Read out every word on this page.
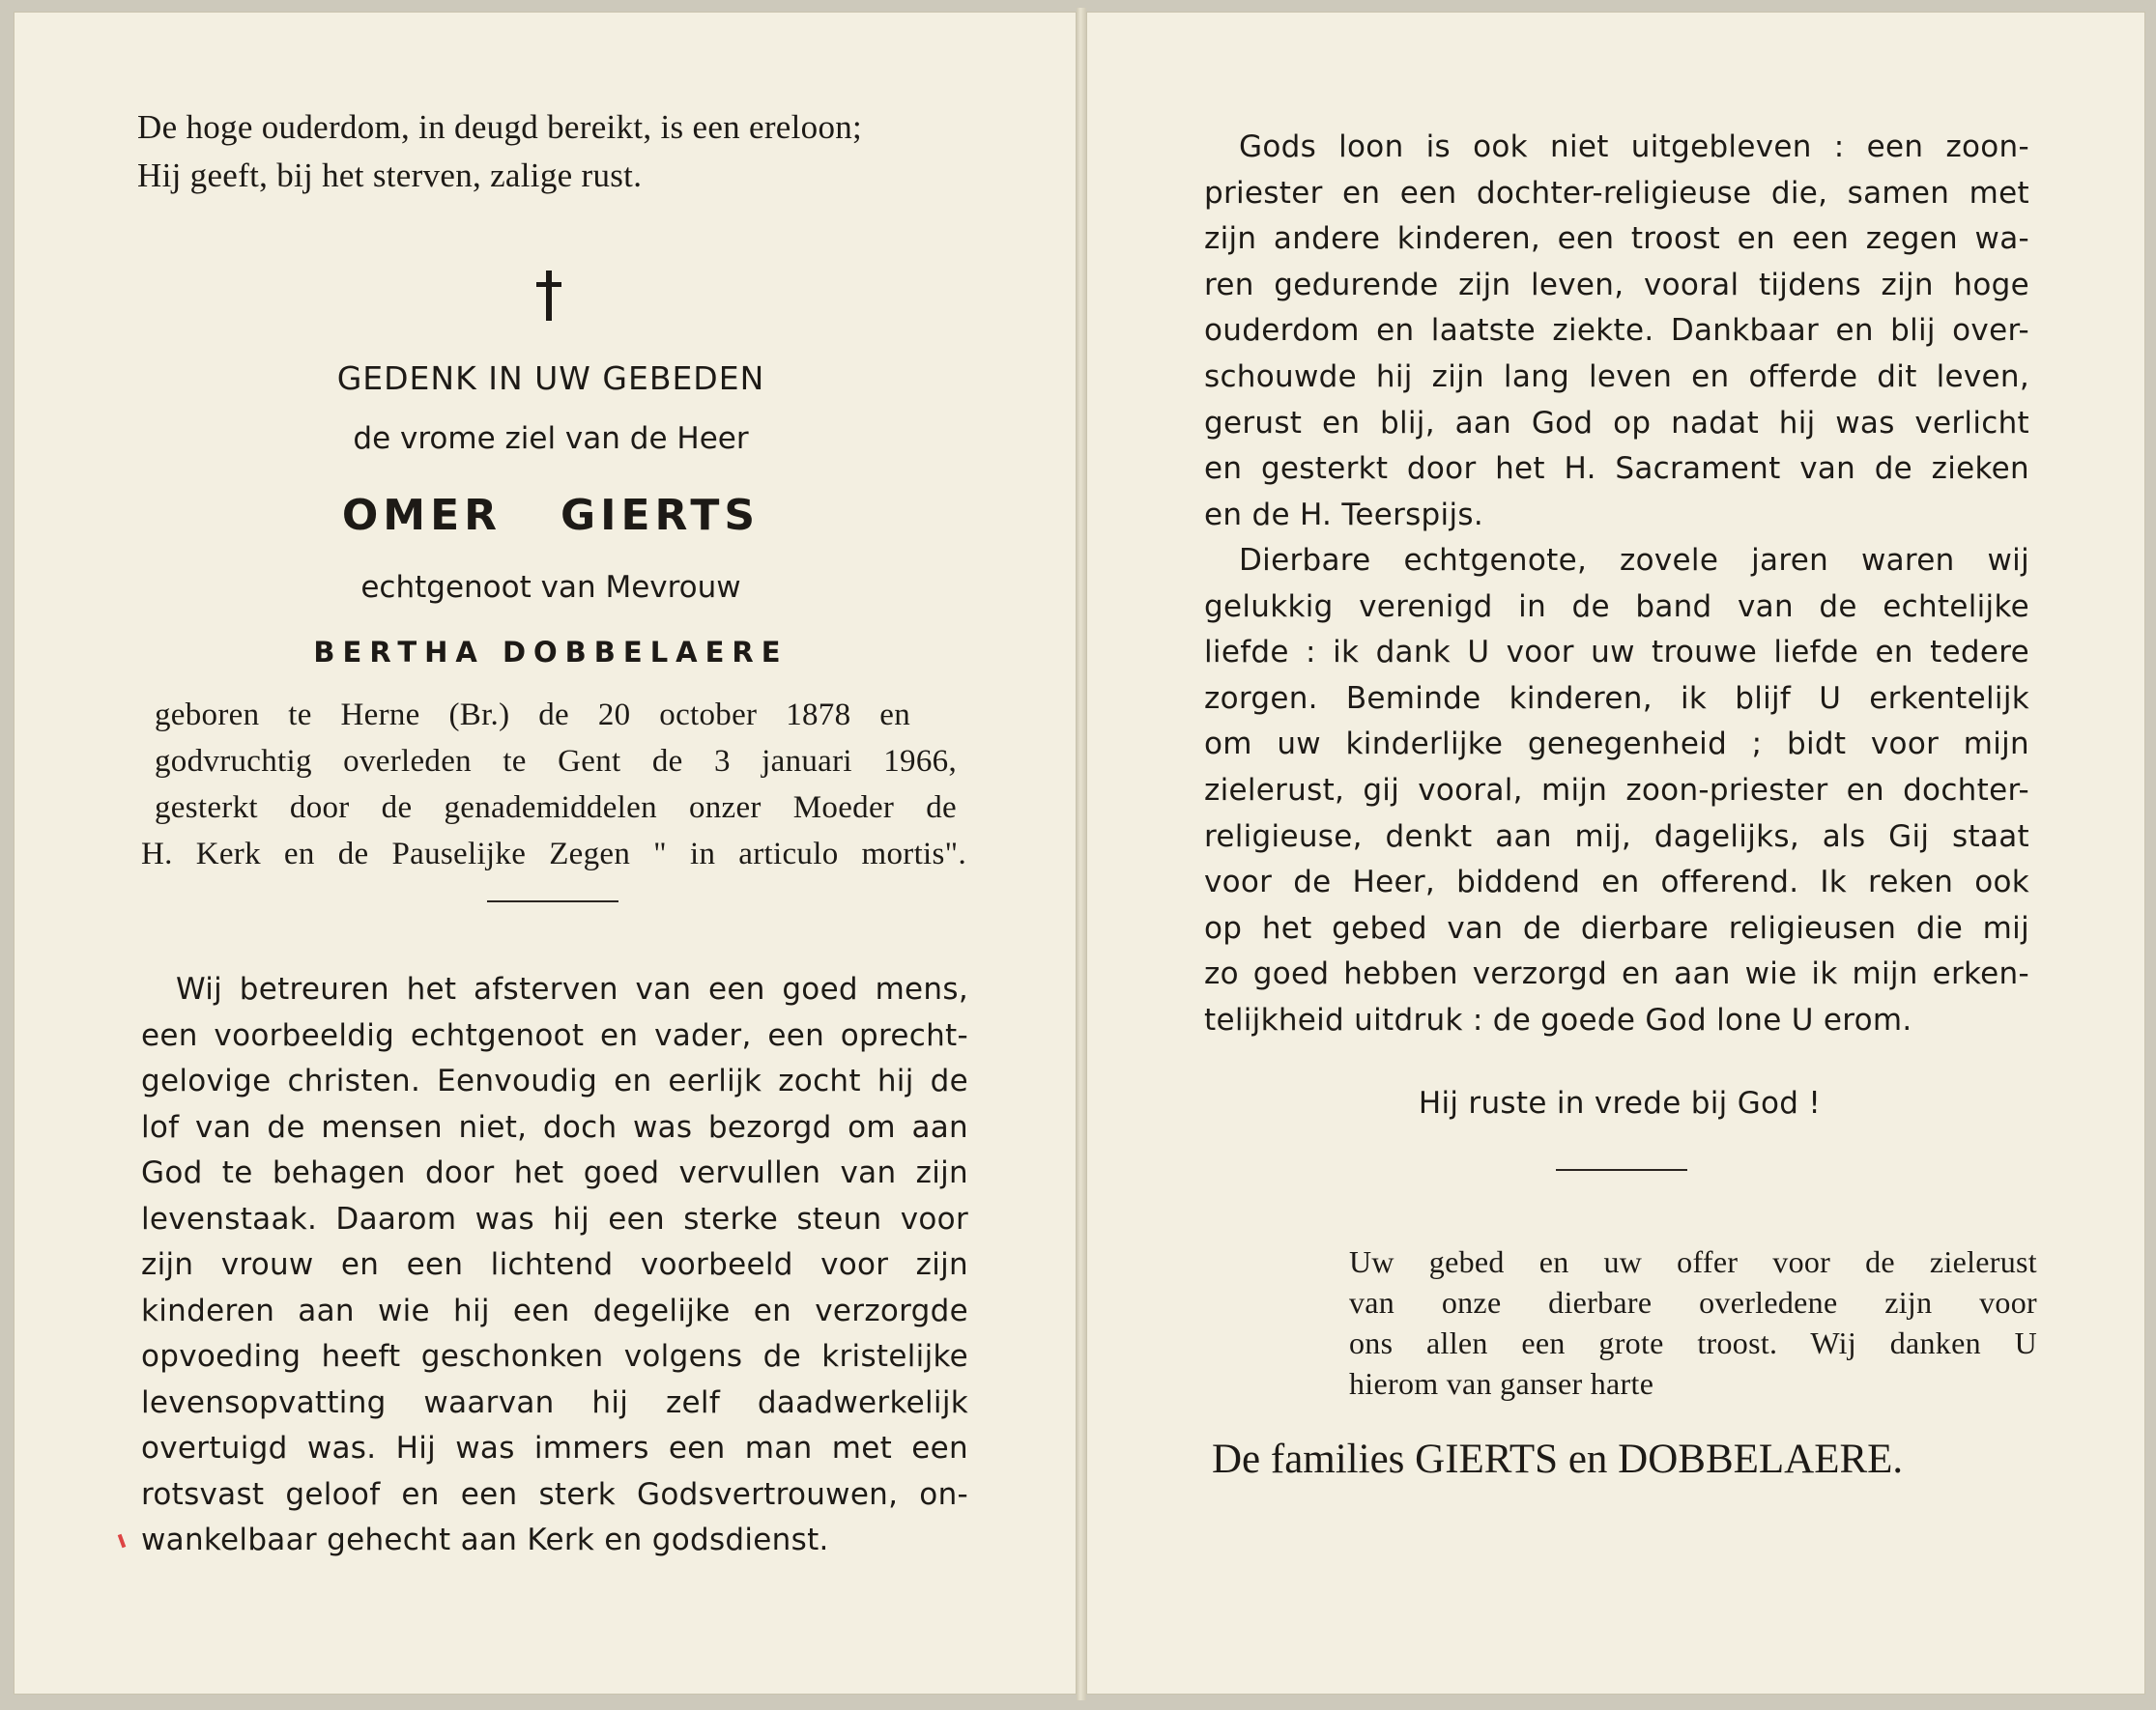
De hoge ouderdom, in deugd bereikt, is een ereloon;
Hij geeft, bij het sterven, zalige rust.
GEDENK IN UW GEBEDEN
de vrome ziel van de Heer
OMER   GIERTS
echtgenoot van Mevrouw
BERTHA DOBBELAERE
geboren te Herne (Br.) de 20 october 1878 en
godvruchtig overleden te Gent de 3 januari 1966,
gesterkt door de genademiddelen onzer Moeder de
H. Kerk en de Pauselijke Zegen " in articulo mortis".
Wij betreuren het afsterven van een goed mens,
een voorbeeldig echtgenoot en vader, een oprecht-
gelovige christen. Eenvoudig en eerlijk zocht hij de
lof van de mensen niet, doch was bezorgd om aan
God te behagen door het goed vervullen van zijn
levenstaak. Daarom was hij een sterke steun voor
zijn vrouw en een lichtend voorbeeld voor zijn
kinderen aan wie hij een degelijke en verzorgde
opvoeding heeft geschonken volgens de kristelijke
levensopvatting waarvan hij zelf daadwerkelijk
overtuigd was. Hij was immers een man met een
rotsvast geloof en een sterk Godsvertrouwen, on-
wankelbaar gehecht aan Kerk en godsdienst.
Gods loon is ook niet uitgebleven : een zoon-
priester en een dochter-religieuse die, samen met
zijn andere kinderen, een troost en een zegen wa-
ren gedurende zijn leven, vooral tijdens zijn hoge
ouderdom en laatste ziekte. Dankbaar en blij over-
schouwde hij zijn lang leven en offerde dit leven,
gerust en blij, aan God op nadat hij was verlicht
en gesterkt door het H. Sacrament van de zieken
en de H. Teerspijs.
Dierbare echtgenote, zovele jaren waren wij
gelukkig verenigd in de band van de echtelijke
liefde : ik dank U voor uw trouwe liefde en tedere
zorgen. Beminde kinderen, ik blijf U erkentelijk
om uw kinderlijke genegenheid ; bidt voor mijn
zielerust, gij vooral, mijn zoon-priester en dochter-
religieuse, denkt aan mij, dagelijks, als Gij staat
voor de Heer, biddend en offerend. Ik reken ook
op het gebed van de dierbare religieusen die mij
zo goed hebben verzorgd en aan wie ik mijn erken-
telijkheid uitdruk : de goede God lone U erom.
Hij ruste in vrede bij God !
Uw gebed en uw offer voor de zielerust
van onze dierbare overledene zijn voor
ons allen een grote troost. Wij danken U
hierom van ganser harte
De families GIERTS en DOBBELAERE.
